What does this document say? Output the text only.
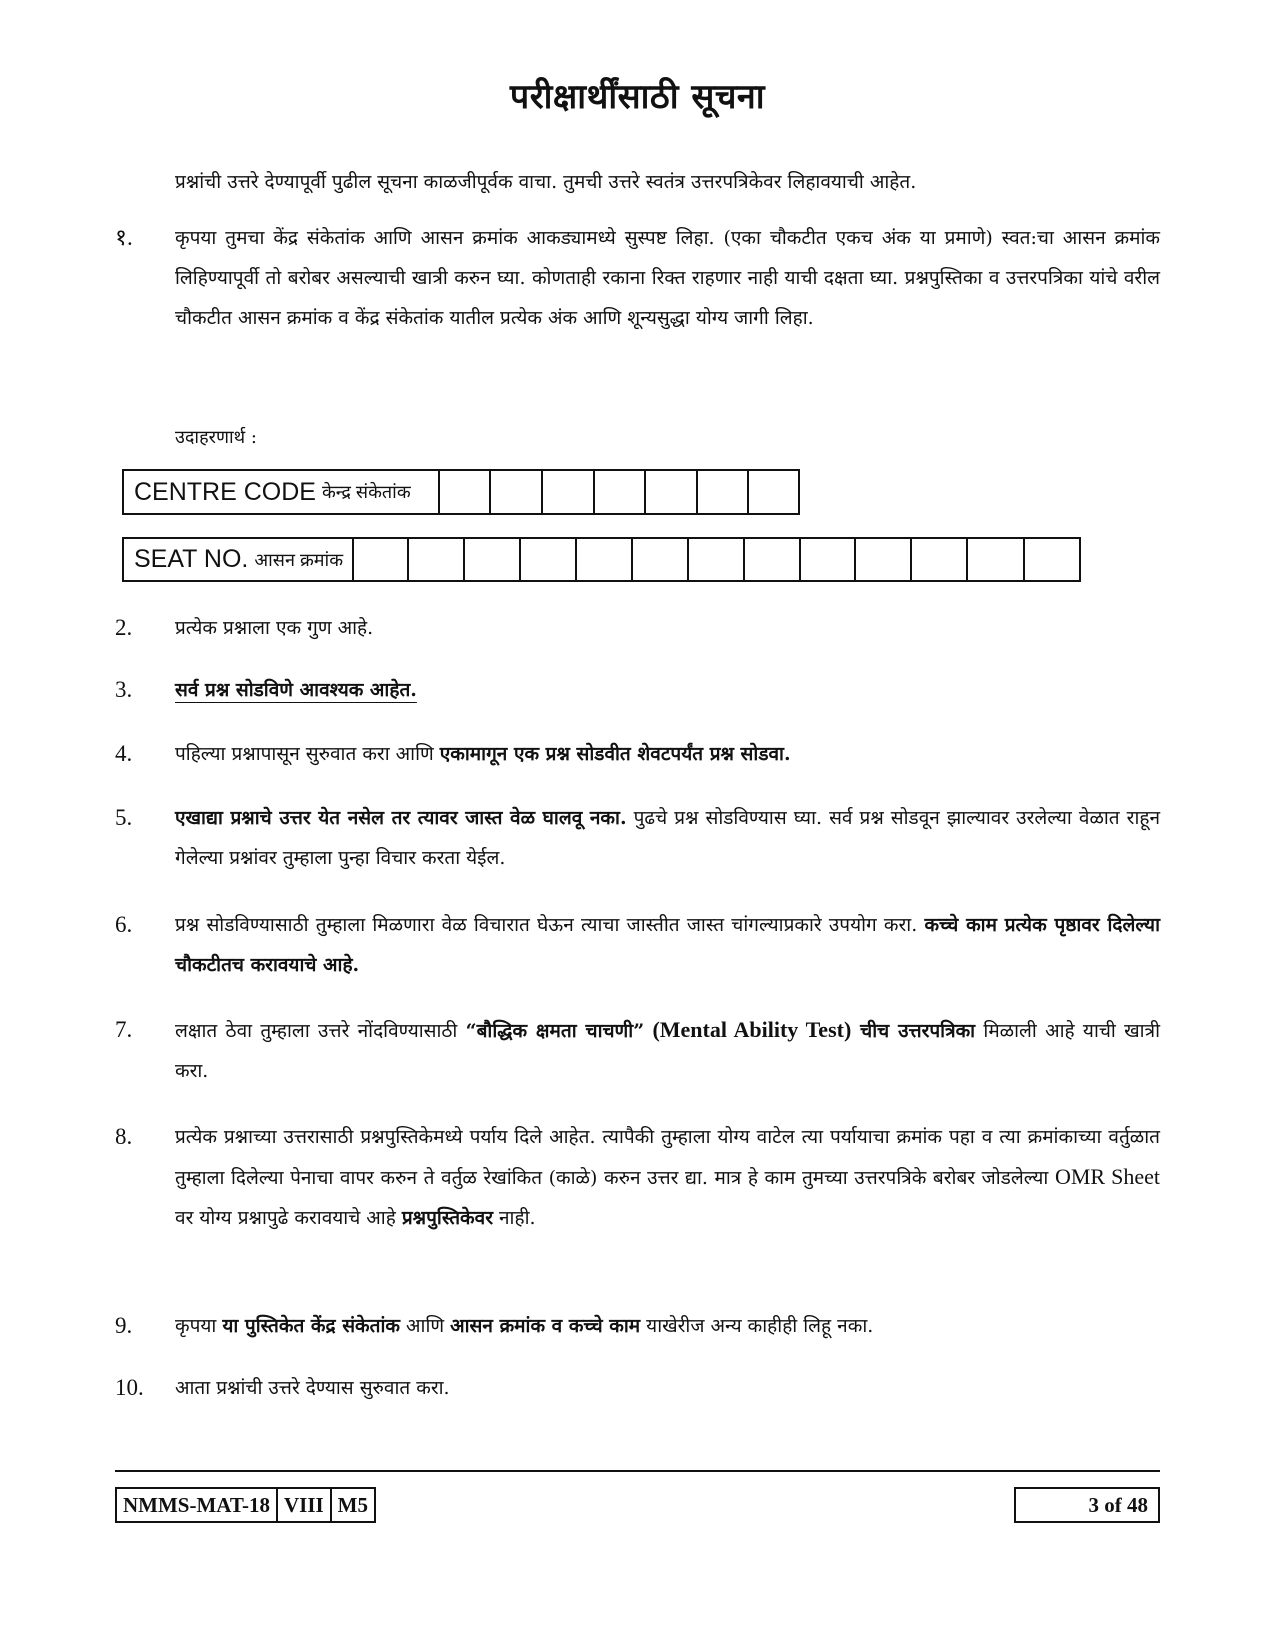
परीक्षार्थींसाठी सूचना
प्रश्नांची उत्तरे देण्यापूर्वी पुढील सूचना काळजीपूर्वक वाचा. तुमची उत्तरे स्वतंत्र उत्तरपत्रिकेवर लिहावयाची आहेत.
१.	कृपया तुमचा केंद्र संकेतांक आणि आसन क्रमांक आकड्यामध्ये सुस्पष्ट लिहा. (एका चौकटीत एकच अंक या प्रमाणे) स्वत:चा आसन क्रमांक लिहिण्यापूर्वी तो बरोबर असल्याची खात्री करुन घ्या. कोणताही रकाना रिक्त राहणार नाही याची दक्षता घ्या. प्रश्नपुस्तिका व उत्तरपत्रिका यांचे वरील चौकटीत आसन क्रमांक व केंद्र संकेतांक यातील प्रत्येक अंक आणि शून्यसुद्धा योग्य जागी लिहा.
उदाहरणार्थ :
CENTRE CODE केन्द्र संकेतांक
SEAT NO. आसन क्रमांक
2.	प्रत्येक प्रश्नाला एक गुण आहे.
3.	सर्व प्रश्न सोडविणे आवश्यक आहेत.
4.	पहिल्या प्रश्नापासून सुरुवात करा आणि एकामागून एक प्रश्न सोडवीत शेवटपर्यंत प्रश्न सोडवा.
5.	एखाद्या प्रश्नाचे उत्तर येत नसेल तर त्यावर जास्त वेळ घालवू नका. पुढचे प्रश्न सोडविण्यास घ्या. सर्व प्रश्न सोडवून झाल्यावर उरलेल्या वेळात राहून गेलेल्या प्रश्नांवर तुम्हाला पुन्हा विचार करता येईल.
6.	प्रश्न सोडविण्यासाठी तुम्हाला मिळणारा वेळ विचारात घेऊन त्याचा जास्तीत जास्त चांगल्याप्रकारे उपयोग करा. कच्चे काम प्रत्येक पृष्ठावर दिलेल्या चौकटीतच करावयाचे आहे.
7.	लक्षात ठेवा तुम्हाला उत्तरे नोंदविण्यासाठी “बौद्धिक क्षमता चाचणी” (Mental Ability Test) चीच उत्तरपत्रिका मिळाली आहे याची खात्री करा.
8.	प्रत्येक प्रश्नाच्या उत्तरासाठी प्रश्नपुस्तिकेमध्ये पर्याय दिले आहेत. त्यापैकी तुम्हाला योग्य वाटेल त्या पर्यायाचा क्रमांक पहा व त्या क्रमांकाच्या वर्तुळात तुम्हाला दिलेल्या पेनाचा वापर करुन ते वर्तुळ रेखांकित (काळे) करुन उत्तर द्या. मात्र हे काम तुमच्या उत्तरपत्रिके बरोबर जोडलेल्या OMR Sheet वर योग्य प्रश्नापुढे करावयाचे आहे प्रश्नपुस्तिकेवर नाही.
9.	कृपया या पुस्तिकेत केंद्र संकेतांक आणि आसन क्रमांक व कच्चे काम याखेरीज अन्य काहीही लिहू नका.
10.	आता प्रश्नांची उत्तरे देण्यास सुरुवात करा.
NMMS-MAT-18 VIII M5	3 of 48
